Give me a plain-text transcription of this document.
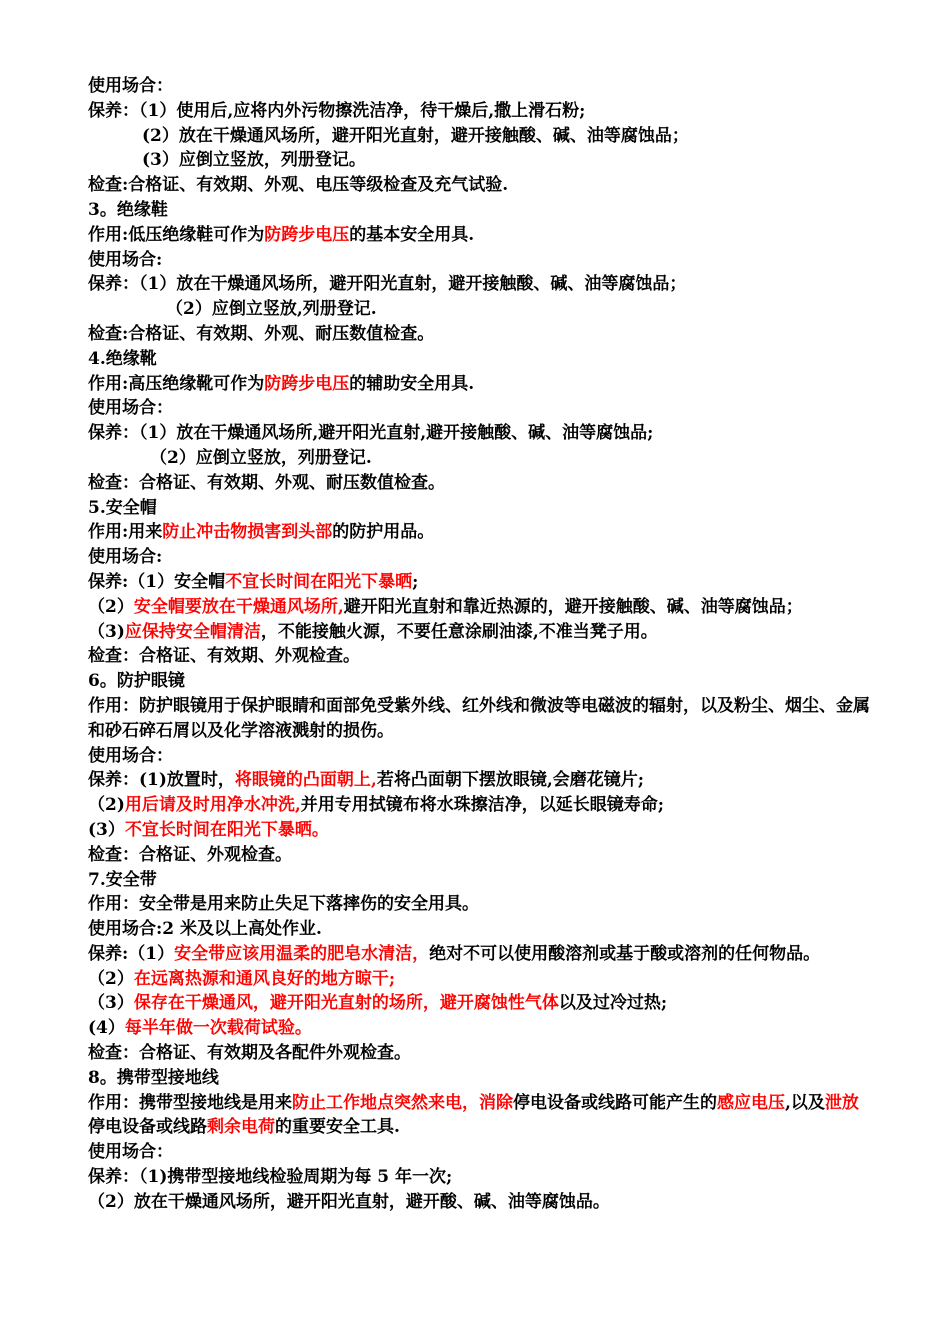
使用场合：
保养：（1）使用后,应将内外污物擦洗洁净，待干燥后,撒上滑石粉;
(2）放在干燥通风场所，避开阳光直射，避开接触酸、碱、油等腐蚀品；
(3）应倒立竖放，列册登记。
检查:合格证、有效期、外观、电压等级检查及充气试验.
3。绝缘鞋
作用:低压绝缘鞋可作为防跨步电压的基本安全用具.
使用场合:
保养：（1）放在干燥通风场所，避开阳光直射，避开接触酸、碱、油等腐蚀品；
（2）应倒立竖放,列册登记.
检查:合格证、有效期、外观、耐压数值检查。
4.绝缘靴
作用:高压绝缘靴可作为防跨步电压的辅助安全用具.
使用场合：
保养：（1）放在干燥通风场所,避开阳光直射,避开接触酸、碱、油等腐蚀品;
（2）应倒立竖放，列册登记.
检查：合格证、有效期、外观、耐压数值检查。
5.安全帽
作用:用来防止冲击物损害到头部的防护用品。
使用场合:
保养:（1）安全帽不宜长时间在阳光下暴晒;
（2）安全帽要放在干燥通风场所,避开阳光直射和靠近热源的，避开接触酸、碱、油等腐蚀品；
（3)应保持安全帽清洁，不能接触火源，不要任意涂刷油漆,不准当凳子用。
检查：合格证、有效期、外观检查。
6。防护眼镜
作用：防护眼镜用于保护眼睛和面部免受紫外线、红外线和微波等电磁波的辐射，以及粉尘、烟尘、金属和砂石碎石屑以及化学溶液溅射的损伤。
使用场合：
保养：(1)放置时，将眼镜的凸面朝上,若将凸面朝下摆放眼镜,会磨花镜片;
（2)用后请及时用净水冲洗,并用专用拭镜布将水珠擦洁净，以延长眼镜寿命;
(3）不宜长时间在阳光下暴晒。
检查：合格证、外观检查。
7.安全带
作用：安全带是用来防止失足下落摔伤的安全用具。
使用场合:2 米及以上高处作业.
保养:（1）安全带应该用温柔的肥皂水清洁，绝对不可以使用酸溶剂或基于酸或溶剂的任何物品。
（2）在远离热源和通风良好的地方晾干;
（3）保存在干燥通风，避开阳光直射的场所，避开腐蚀性气体以及过冷过热;
(4）每半年做一次载荷试验。
检查：合格证、有效期及各配件外观检查。
8。携带型接地线
作用：携带型接地线是用来防止工作地点突然来电，消除停电设备或线路可能产生的感应电压,以及泄放停电设备或线路剩余电荷的重要安全工具.
使用场合：
保养：（1)携带型接地线检验周期为每 5 年一次;
（2）放在干燥通风场所，避开阳光直射，避开酸、碱、油等腐蚀品。
